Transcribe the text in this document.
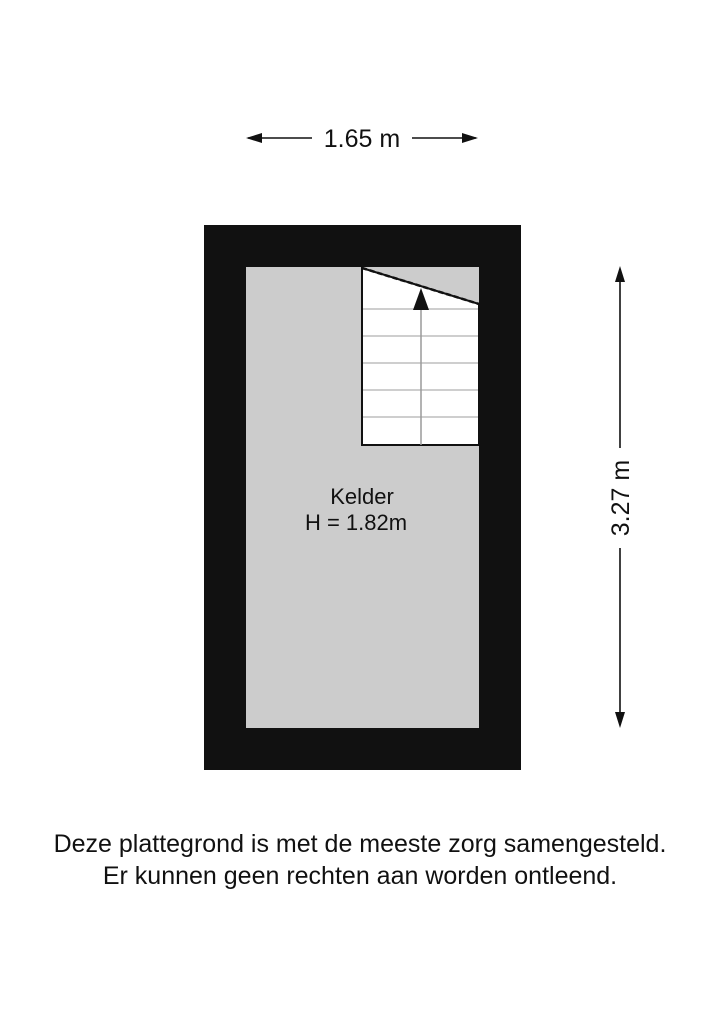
1.65 m
Kelder
H = 1.82m	3.27 m
Deze plattegrond is met de meeste zorg samengesteld.
Er kunnen geen rechten aan worden ontleend.
